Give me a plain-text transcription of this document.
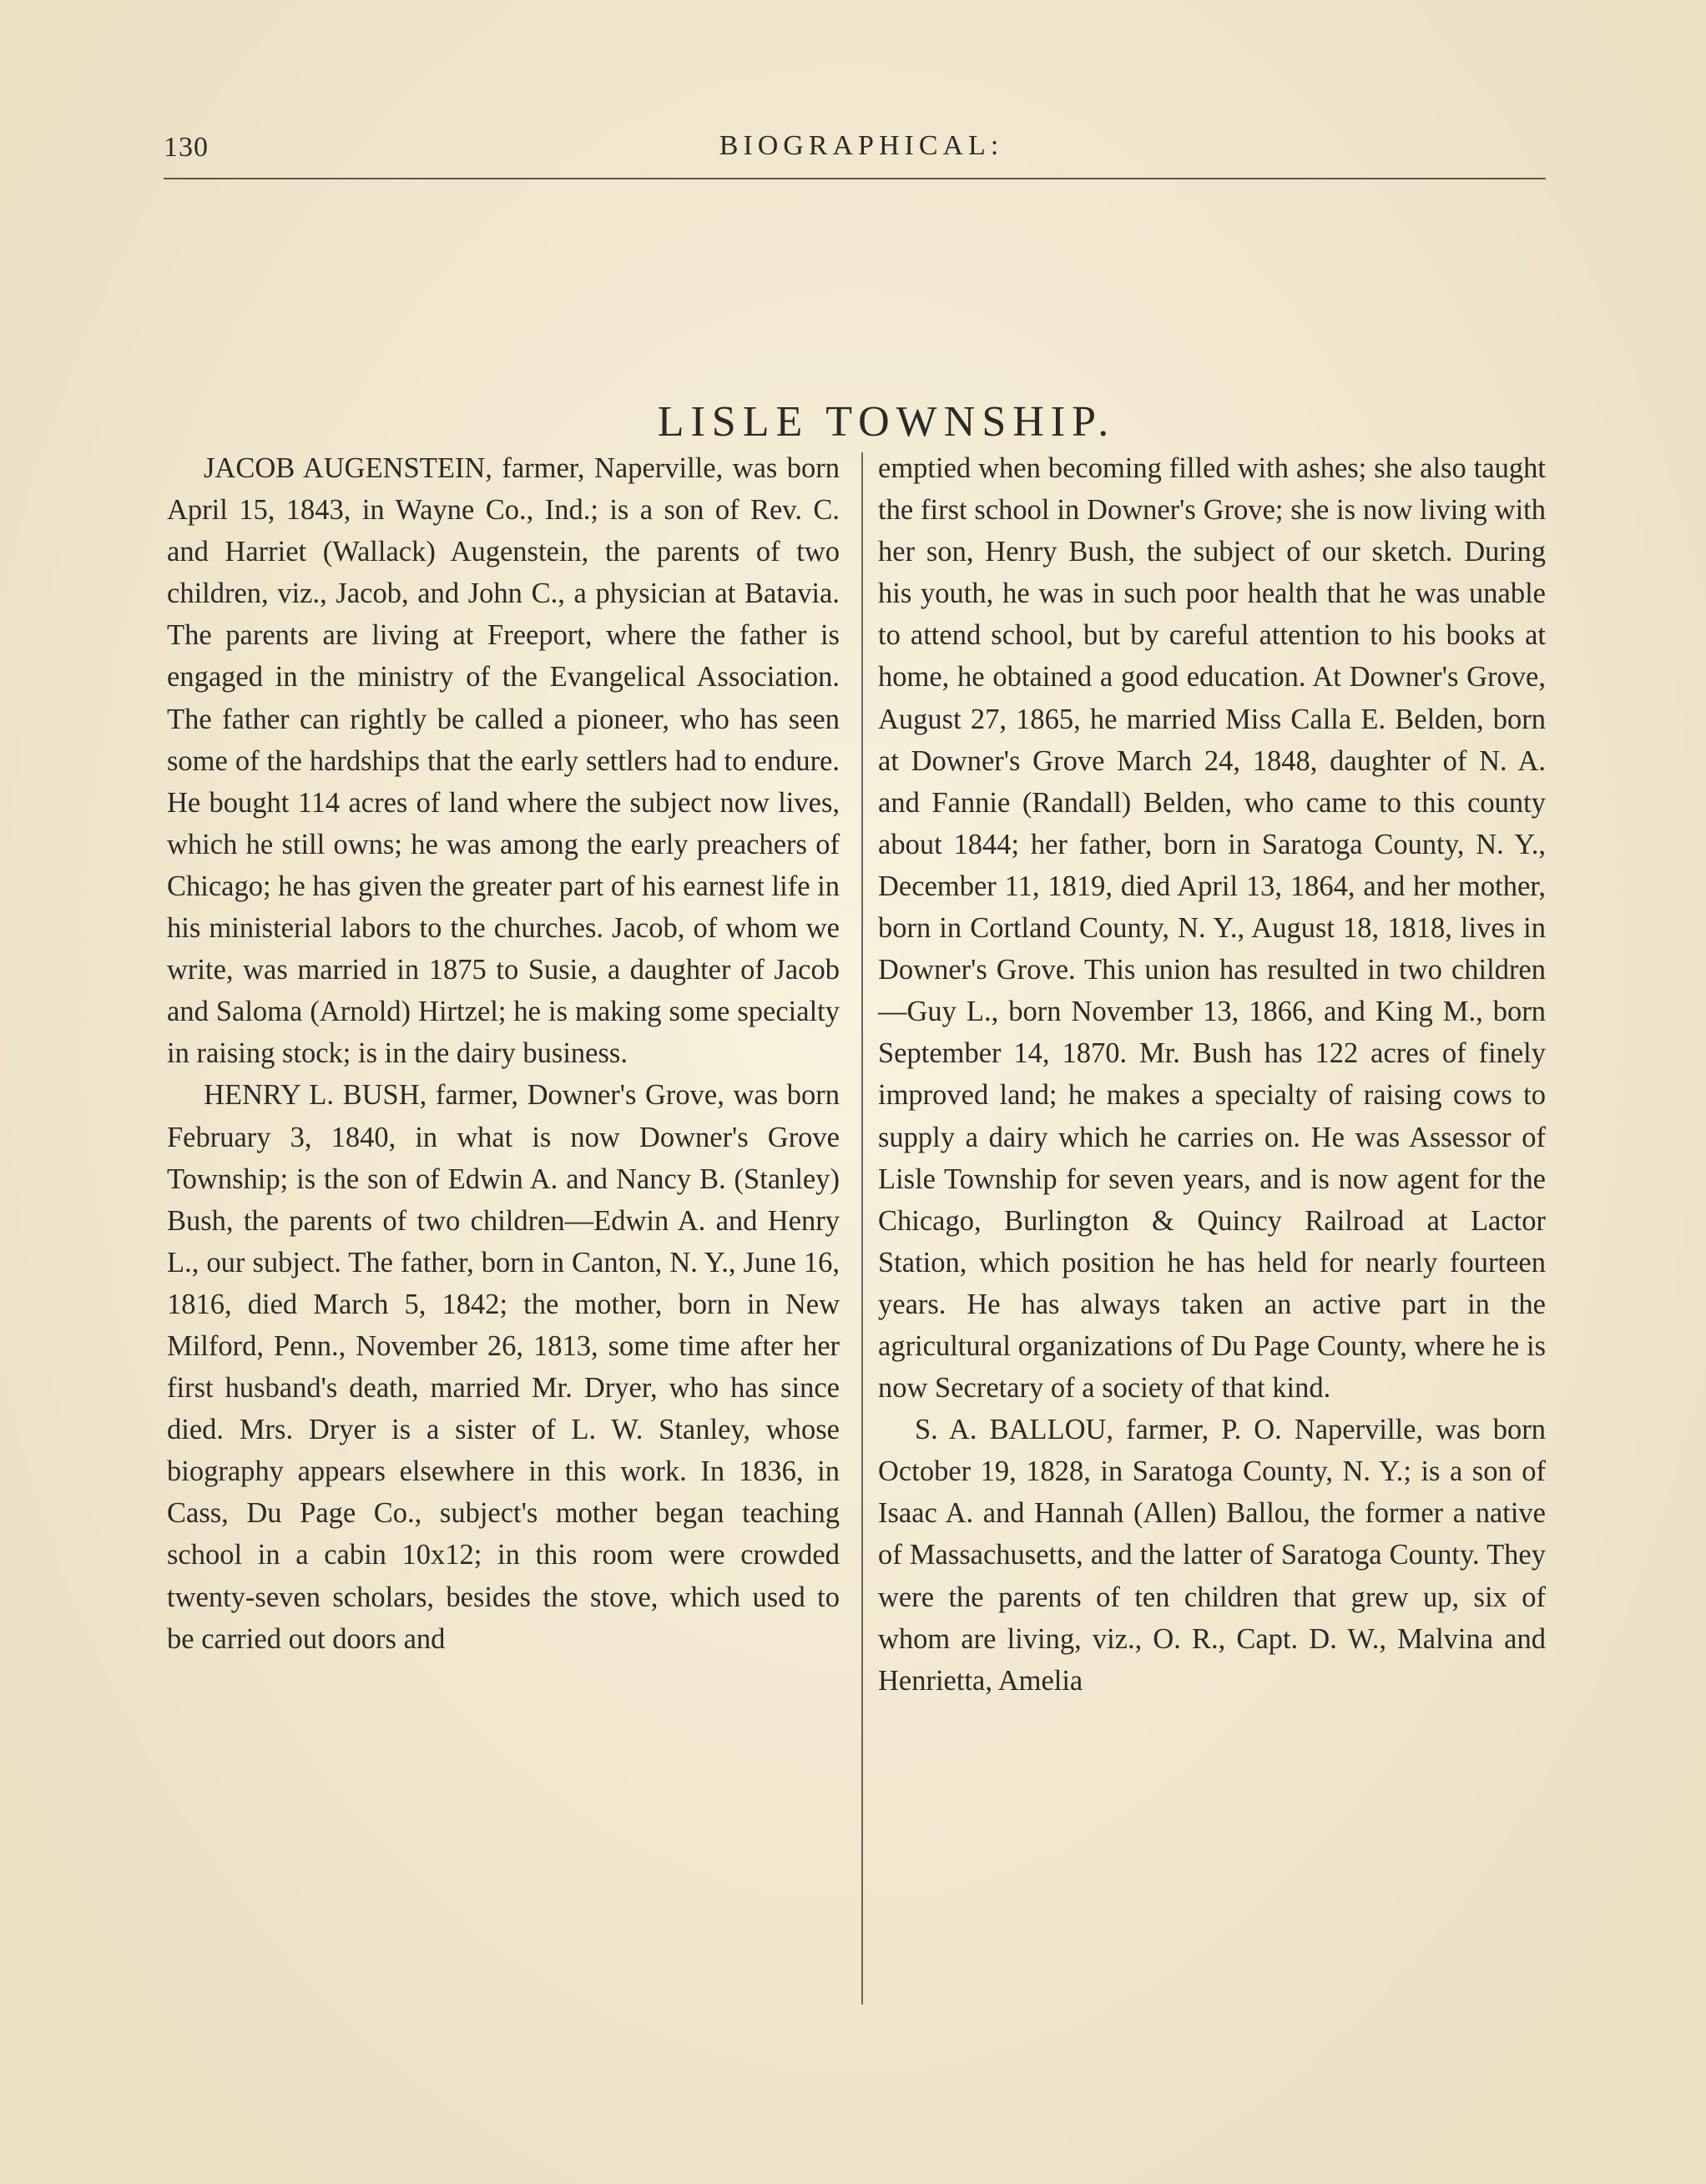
130	BIOGRAPHICAL:
LISLE TOWNSHIP.

JACOB AUGENSTEIN, farmer, Naperville, was born April 15, 1843, in Wayne Co., Ind.; is a son of Rev. C. and Harriet (Wallack) Augenstein, the parents of two children, viz., Jacob, and John C., a physician at Batavia. The parents are living at Freeport, where the father is engaged in the ministry of the Evangelical Association. The father can rightly be called a pioneer, who has seen some of the hardships that the early settlers had to endure. He bought 114 acres of land where the subject now lives, which he still owns; he was among the early preachers of Chicago; he has given the greater part of his earnest life in his ministerial labors to the churches. Jacob, of whom we write, was married in 1875 to Susie, a daughter of Jacob and Saloma (Arnold) Hirtzel; he is making some specialty in raising stock; is in the dairy business.

HENRY L. BUSH, farmer, Downer's Grove, was born February 3, 1840, in what is now Downer's Grove Township; is the son of Edwin A. and Nancy B. (Stanley) Bush, the parents of two children—Edwin A. and Henry L., our subject. The father, born in Canton, N. Y., June 16, 1816, died March 5, 1842; the mother, born in New Milford, Penn., November 26, 1813, some time after her first husband's death, married Mr. Dryer, who has since died. Mrs. Dryer is a sister of L. W. Stanley, whose biography appears elsewhere in this work. In 1836, in Cass, Du Page Co., subject's mother began teaching school in a cabin 10x12; in this room were crowded twenty-seven scholars, besides the stove, which used to be carried out doors and

emptied when becoming filled with ashes; she also taught the first school in Downer's Grove; she is now living with her son, Henry Bush, the subject of our sketch. During his youth, he was in such poor health that he was unable to attend school, but by careful attention to his books at home, he obtained a good education. At Downer's Grove, August 27, 1865, he married Miss Calla E. Belden, born at Downer's Grove March 24, 1848, daughter of N. A. and Fannie (Randall) Belden, who came to this county about 1844; her father, born in Saratoga County, N. Y., December 11, 1819, died April 13, 1864, and her mother, born in Cortland County, N. Y., August 18, 1818, lives in Downer's Grove. This union has resulted in two children—Guy L., born November 13, 1866, and King M., born September 14, 1870. Mr. Bush has 122 acres of finely improved land; he makes a specialty of raising cows to supply a dairy which he carries on. He was Assessor of Lisle Township for seven years, and is now agent for the Chicago, Burlington & Quincy Railroad at Lactor Station, which position he has held for nearly fourteen years. He has always taken an active part in the agricultural organizations of Du Page County, where he is now Secretary of a society of that kind.

S. A. BALLOU, farmer, P. O. Naperville, was born October 19, 1828, in Saratoga County, N. Y.; is a son of Isaac A. and Hannah (Allen) Ballou, the former a native of Massachusetts, and the latter of Saratoga County. They were the parents of ten children that grew up, six of whom are living, viz., O. R., Capt. D. W., Malvina and Henrietta, Amelia
